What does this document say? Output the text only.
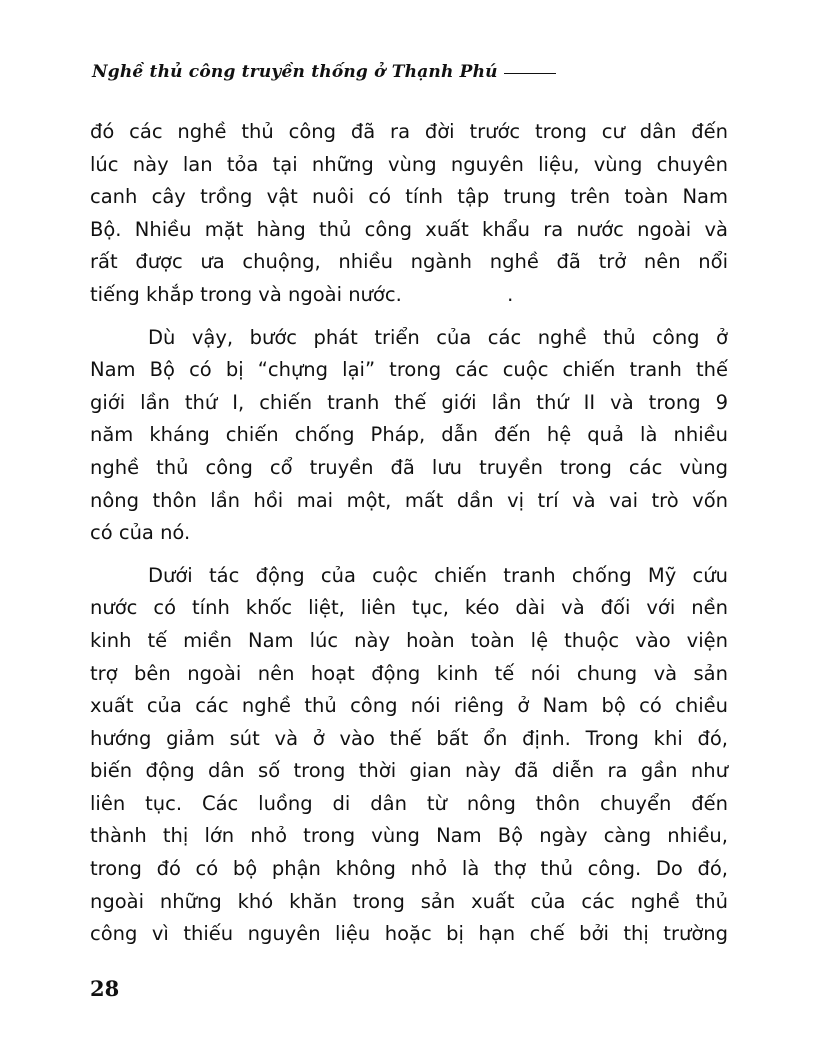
Nghề thủ công truyền thống ở Thạnh Phú
đó các nghề thủ công đã ra đời trước trong cư dân đến
lúc này lan tỏa tại những vùng nguyên liệu, vùng chuyên
canh cây trồng vật nuôi có tính tập trung trên toàn Nam
Bộ. Nhiều mặt hàng thủ công xuất khẩu ra nước ngoài và
rất được ưa chuộng, nhiều ngành nghề đã trở nên nổi
tiếng khắp trong và ngoài nước.                 .
Dù vậy, bước phát triển của các nghề thủ công ở
Nam Bộ có bị “chựng lại” trong các cuộc chiến tranh thế
giới lần thứ I, chiến tranh thế giới lần thứ II và trong 9
năm kháng chiến chống Pháp, dẫn đến hệ quả là nhiều
nghề thủ công cổ truyền đã lưu truyền trong các vùng
nông thôn lần hồi mai một, mất dần vị trí và vai trò vốn
có của nó.
Dưới tác động của cuộc chiến tranh chống Mỹ cứu
nước có tính khốc liệt, liên tục, kéo dài và đối với nền
kinh tế miền Nam lúc này hoàn toàn lệ thuộc vào viện
trợ bên ngoài nên hoạt động kinh tế nói chung và sản
xuất của các nghề thủ công nói riêng ở Nam bộ có chiều
hướng giảm sút và ở vào thế bất ổn định. Trong khi đó,
biến động dân số trong thời gian này đã diễn ra gần như
liên tục. Các luồng di dân từ nông thôn chuyển đến
thành thị lớn nhỏ trong vùng Nam Bộ ngày càng nhiều,
trong đó có bộ phận không nhỏ là thợ thủ công. Do đó,
ngoài những khó khăn trong sản xuất của các nghề thủ
công vì thiếu nguyên liệu hoặc bị hạn chế bởi thị trường
28
